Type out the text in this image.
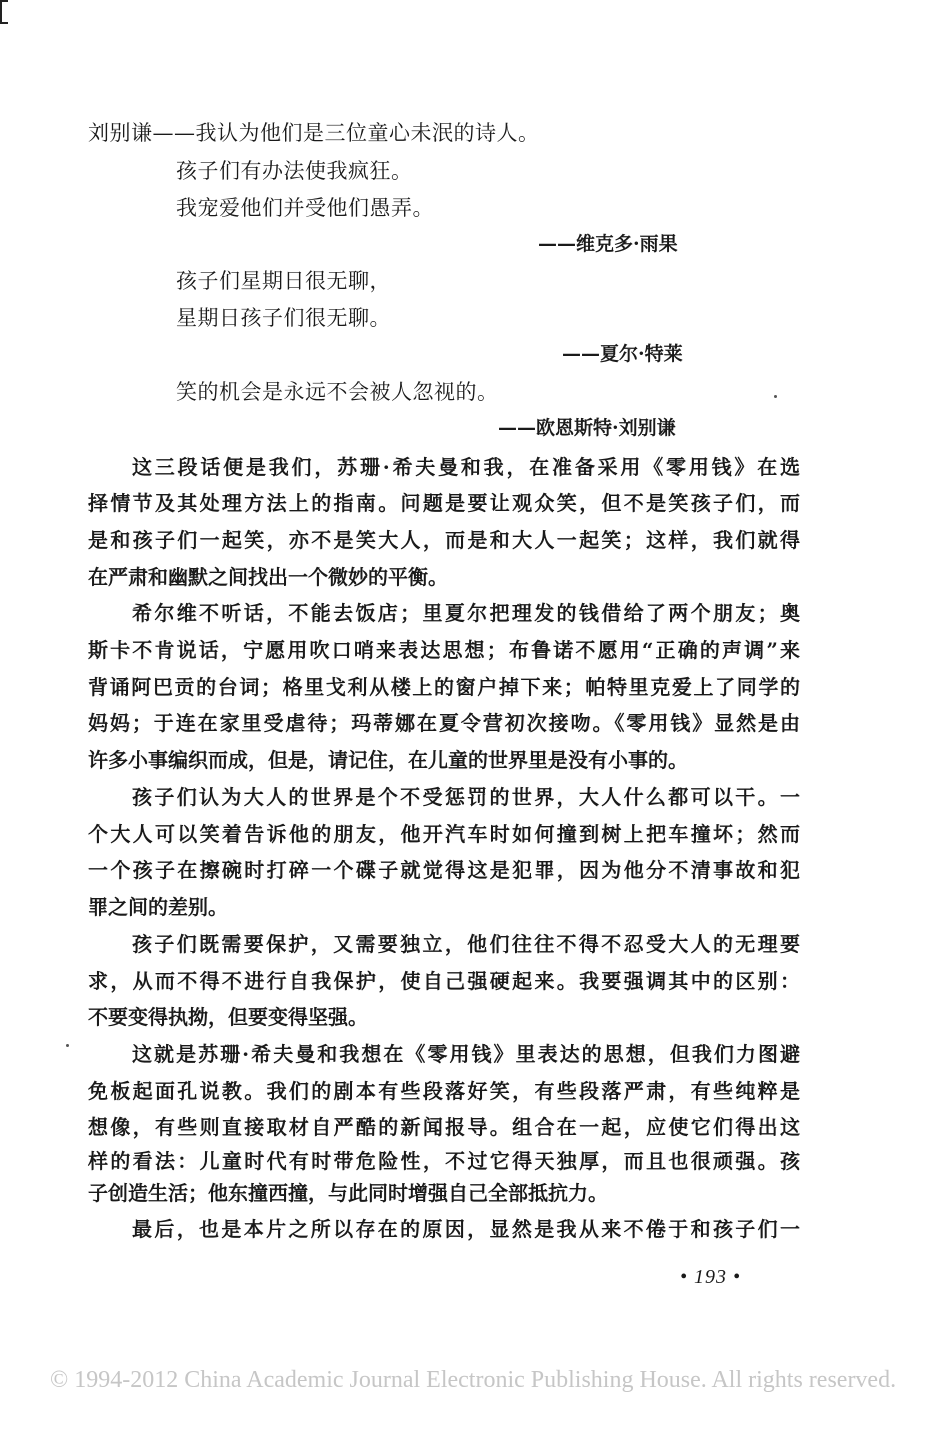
刘别谦——我认为他们是三位童心未泯的诗人。
孩子们有办法使我疯狂。
我宠爱他们并受他们愚弄。
——维克多·雨果
孩子们星期日很无聊，
星期日孩子们很无聊。
——夏尔·特莱
笑的机会是永远不会被人忽视的。
——欧恩斯特·刘别谦
这三段话便是我们，苏珊·希夫曼和我，在准备采用《零用钱》在选
择情节及其处理方法上的指南。问题是要让观众笑，但不是笑孩子们，而
是和孩子们一起笑，亦不是笑大人，而是和大人一起笑；这样，我们就得
在严肃和幽默之间找出一个微妙的平衡。
希尔维不听话，不能去饭店；里夏尔把理发的钱借给了两个朋友；奥
斯卡不肯说话，宁愿用吹口哨来表达思想；布鲁诺不愿用“正确的声调”来
背诵阿巴贡的台词；格里戈利从楼上的窗户掉下来；帕特里克爱上了同学的
妈妈；于连在家里受虐待；玛蒂娜在夏令营初次接吻。《零用钱》显然是由
许多小事编织而成，但是，请记住，在儿童的世界里是没有小事的。
孩子们认为大人的世界是个不受惩罚的世界，大人什么都可以干。一
个大人可以笑着告诉他的朋友，他开汽车时如何撞到树上把车撞坏；然而
一个孩子在擦碗时打碎一个碟子就觉得这是犯罪，因为他分不清事故和犯
罪之间的差别。
孩子们既需要保护，又需要独立，他们往往不得不忍受大人的无理要
求，从而不得不进行自我保护，使自己强硬起来。我要强调其中的区别：
不要变得执拗，但要变得坚强。
这就是苏珊·希夫曼和我想在《零用钱》里表达的思想，但我们力图避
免板起面孔说教。我们的剧本有些段落好笑，有些段落严肃，有些纯粹是
想像，有些则直接取材自严酷的新闻报导。组合在一起，应使它们得出这
样的看法：儿童时代有时带危险性，不过它得天独厚，而且也很顽强。孩
子创造生活；他东撞西撞，与此同时增强自己全部抵抗力。
最后，也是本片之所以存在的原因，显然是我从来不倦于和孩子们一
• 193 •
© 1994-2012 China Academic Journal Electronic Publishing House. All rights reserved.
